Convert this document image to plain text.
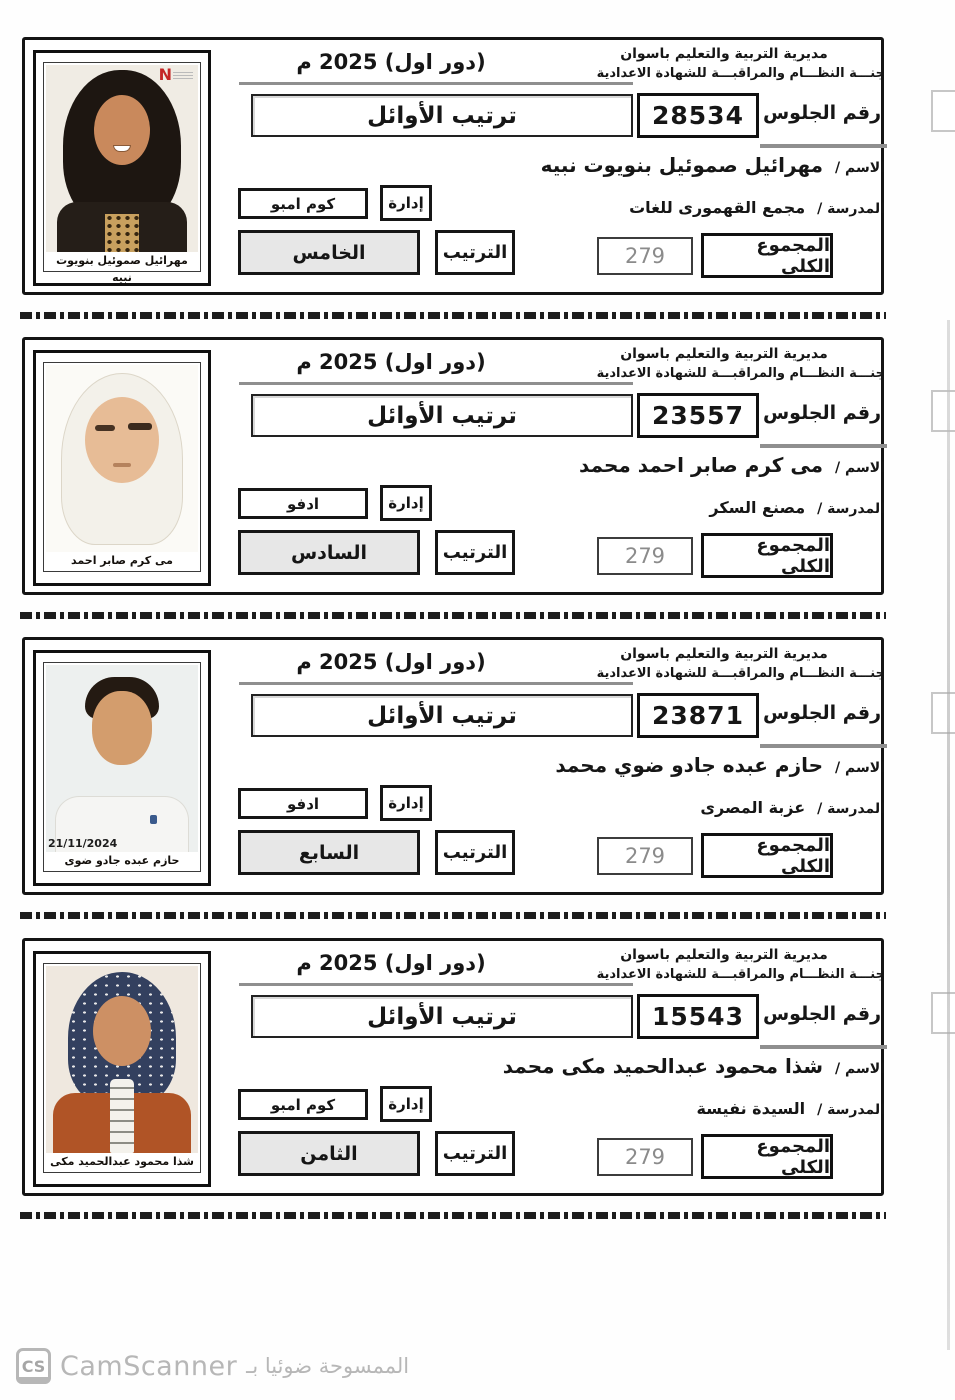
N
مهرائيل صموئيل بنويوت نبيه
(دور اول) 2025 م
ترتيب الأوائل
كوم امبو	إدارة
الترتيب
الخامس
مديرية التربية والتعليم باسوان
جنـــة النظـــام والمراقبـــة للشهادة الاعدادية
رقم الجلوس
28534
الاسم /
مهرائيل صموئيل بنويوت نبيه
المدرسة /
مجمع القهمورى للغات
المجموع الكلي
279
مى كرم صابر احمد
(دور اول) 2025 م
ترتيب الأوائل
ادفو	إدارة
الترتيب
السادس
مديرية التربية والتعليم باسوان
جنـــة النظـــام والمراقبـــة للشهادة الاعدادية
رقم الجلوس
23557
الاسم /
مى كرم صابر احمد محمد
المدرسة /
مصنع السكر
المجموع الكلي
279
21/11/2024
حازم عبده جادو ضوى
(دور اول) 2025 م
ترتيب الأوائل
ادفو	إدارة
الترتيب
السابع
مديرية التربية والتعليم باسوان
جنـــة النظـــام والمراقبـــة للشهادة الاعدادية
رقم الجلوس
23871
الاسم /
حازم عبده جادو ضوي محمد
المدرسة /
عزبة المصرى
المجموع الكلي
279
شذا محمود عبدالحميد مكى
(دور اول) 2025 م
ترتيب الأوائل
كوم امبو	إدارة
الترتيب
الثامن
مديرية التربية والتعليم باسوان
جنـــة النظـــام والمراقبـــة للشهادة الاعدادية
رقم الجلوس
15543
الاسم /
شذا محمود عبدالحميد مكى محمد
المدرسة /
السيدة نفيسة
المجموع الكلي
279
CS CamScanner الممسوحة ضوئيا بـ
